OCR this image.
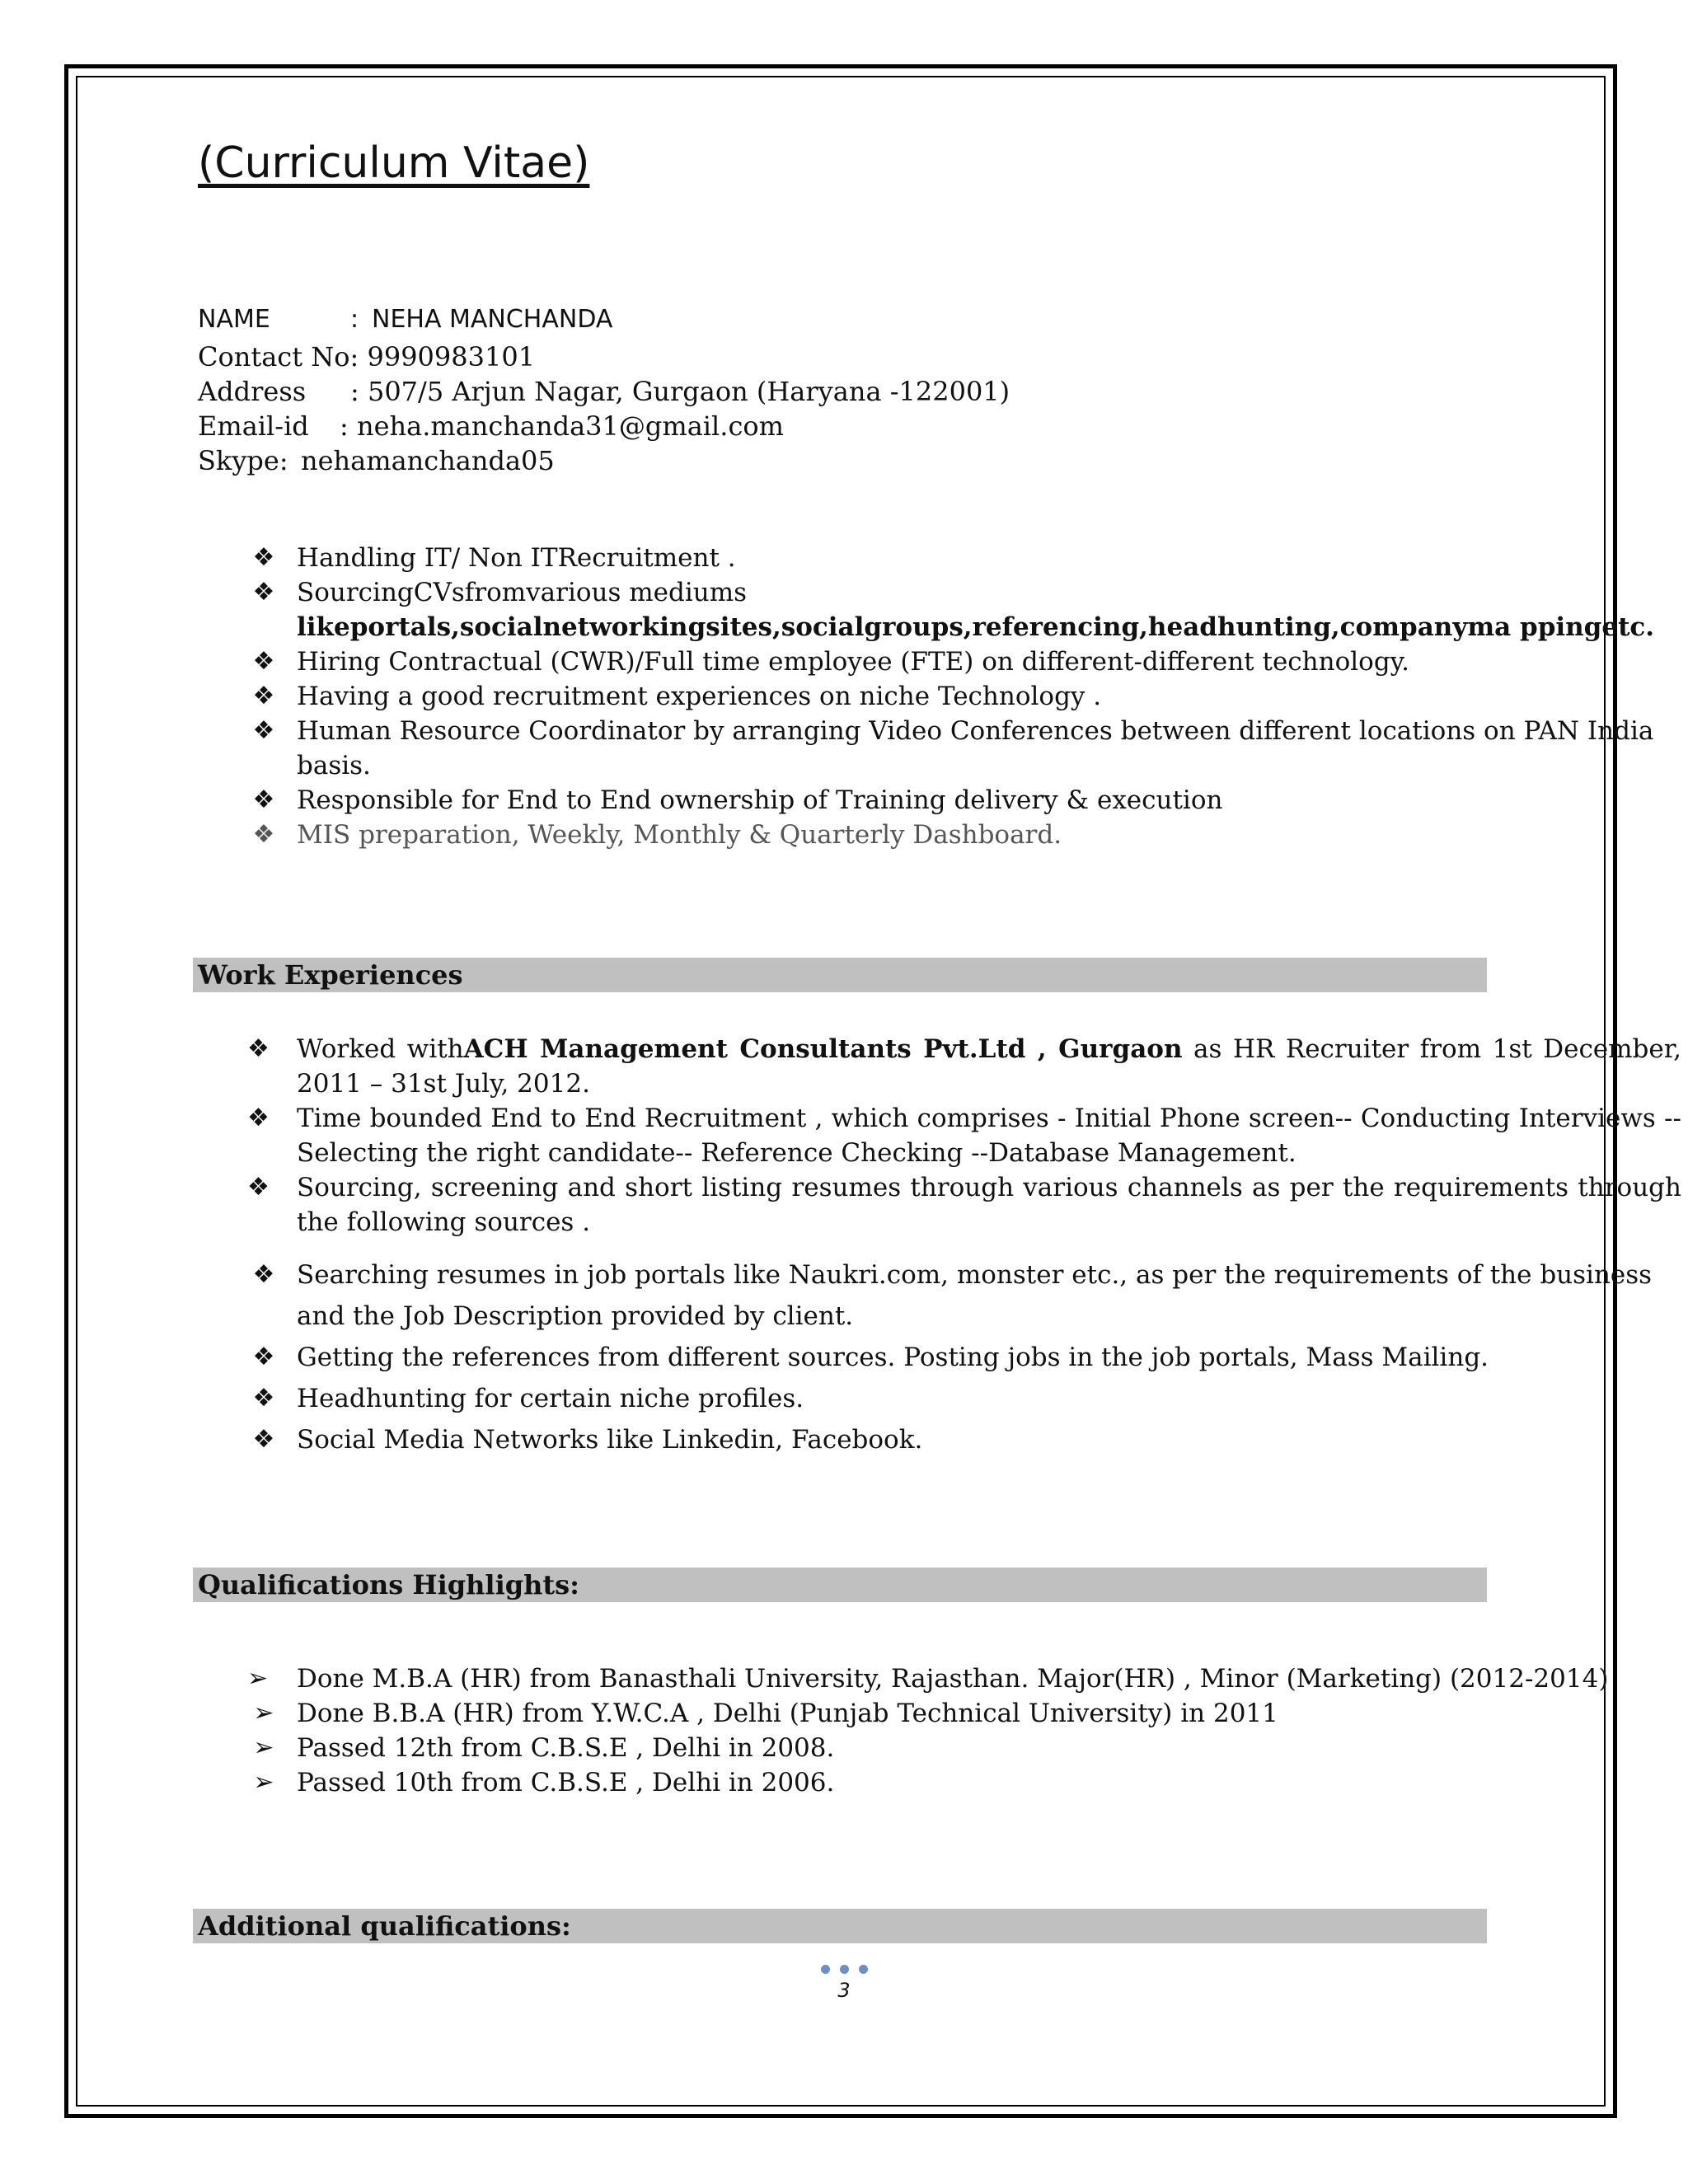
(Curriculum Vitae)
NAME	: NEHA MANCHANDA
Contact No: 9990983101
Address : 507/5 Arjun Nagar, Gurgaon (Haryana -122001)
Email-id : neha.manchanda31@gmail.com
Skype: nehamanchanda05
❖ Handling IT/ Non ITRecruitment .
❖ SourcingCVsfromvarious mediums
likeportals,socialnetworkingsites,socialgroups,referencing,headhunting,companyma ppingetc.
❖ Hiring Contractual (CWR)/Full time employee (FTE) on different-different technology.
❖ Having a good recruitment experiences on niche Technology .
❖ Human Resource Coordinator by arranging Video Conferences between different locations on PAN India basis.
❖ Responsible for End to End ownership of Training delivery & execution
❖ MIS preparation, Weekly, Monthly & Quarterly Dashboard.
Work Experiences
❖	Worked withACH Management Consultants Pvt.Ltd , Gurgaon as HR Recruiter from 1st December, 2011 – 31st July, 2012.
❖	Time bounded End to End Recruitment , which comprises - Initial Phone screen-- Conducting Interviews --Selecting the right candidate-- Reference Checking --Database Management.
❖	Sourcing, screening and short listing resumes through various channels as per the requirements through the following sources .
❖ Searching resumes in job portals like Naukri.com, monster etc., as per the requirements of the business and the Job Description provided by client.
❖ Getting the references from different sources. Posting jobs in the job portals, Mass Mailing.
❖ Headhunting for certain niche profiles.
❖ Social Media Networks like Linkedin, Facebook.
Qualifications Highlights:
➢	Done M.B.A (HR) from Banasthali University, Rajasthan. Major(HR) , Minor (Marketing) (2012-2014)
➢ Done B.B.A (HR) from Y.W.C.A , Delhi (Punjab Technical University) in 2011
➢ Passed 12th from C.B.S.E , Delhi in 2008.
➢ Passed 10th from C.B.S.E , Delhi in 2006.
Additional qualifications:
3
